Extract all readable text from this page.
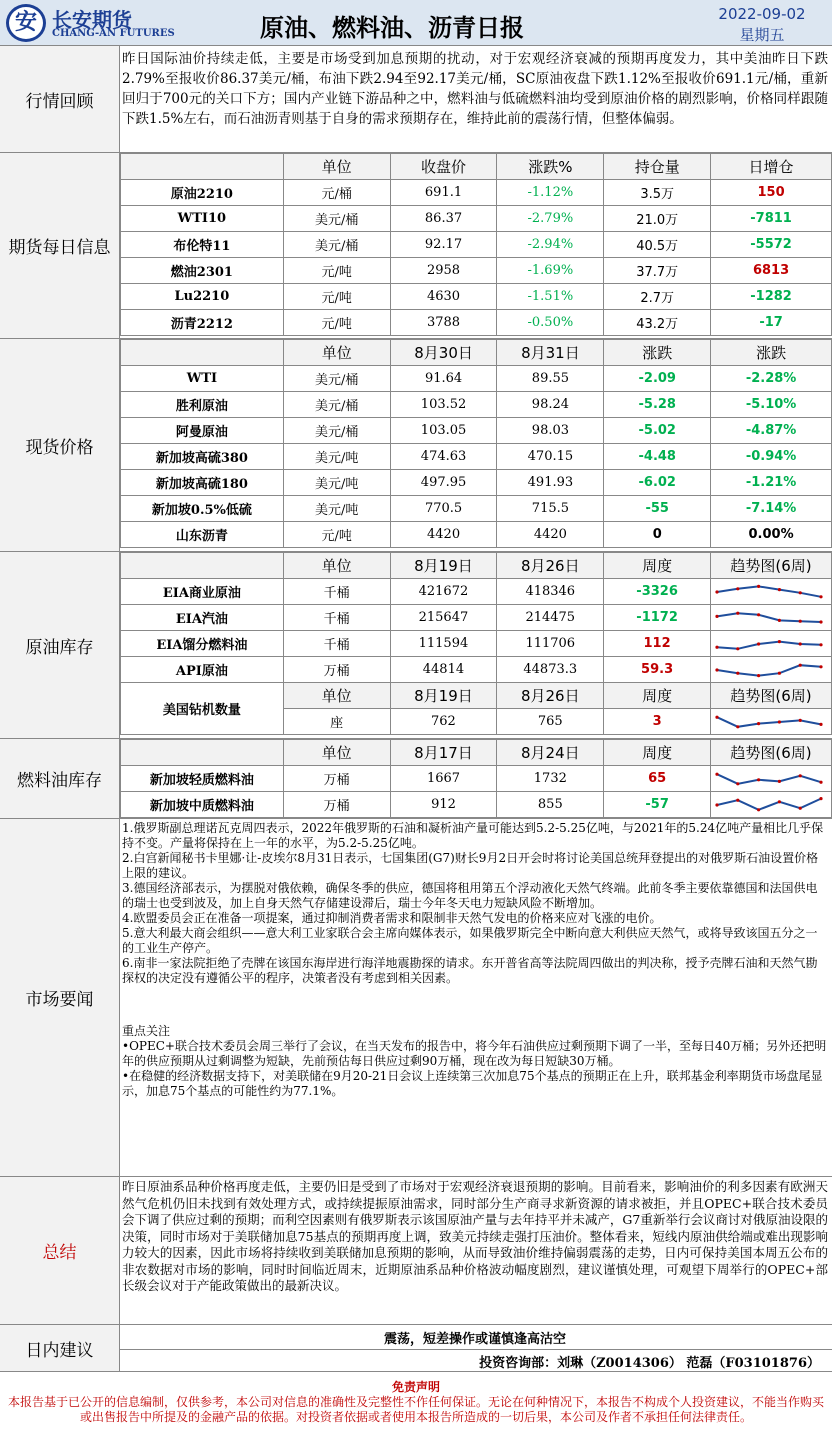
安 长安期货
CHANG-AN FUTURES	原油、燃料油、沥青日报	2022-09-02
星期五
行情回顾
昨日国际油价持续走低，主要是市场受到加息预期的扰动，对于宏观经济衰减的预期再度发力，其中美油昨日下跌2.79%至报收价86.37美元/桶，布油下跌2.94至92.17美元/桶，SC原油夜盘下跌1.12%至报收价691.1元/桶，重新回归于700元的关口下方；国内产业链下游品种之中，燃料油与低硫燃料油均受到原油价格的剧烈影响，价格同样跟随下跌1.5%左右，而石油沥青则基于自身的需求预期存在，维持此前的震荡行情，但整体偏弱。
期货每日信息
	单位	收盘价	涨跌%	持仓量	日增仓
原油2210	元/桶	691.1	-1.12%	3.5万	150
WTI10	美元/桶	86.37	-2.79%	21.0万	-7811
布伦特11	美元/桶	92.17	-2.94%	40.5万	-5572
燃油2301	元/吨	2958	-1.69%	37.7万	6813
Lu2210	元/吨	4630	-1.51%	2.7万	-1282
沥青2212	元/吨	3788	-0.50%	43.2万	-17
现货价格
	单位	8月30日	8月31日	涨跌	涨跌
WTI	美元/桶	91.64	89.55	-2.09	-2.28%
胜利原油	美元/桶	103.52	98.24	-5.28	-5.10%
阿曼原油	美元/桶	103.05	98.03	-5.02	-4.87%
新加坡高硫380	美元/吨	474.63	470.15	-4.48	-0.94%
新加坡高硫180	美元/吨	497.95	491.93	-6.02	-1.21%
新加坡0.5%低硫	美元/吨	770.5	715.5	-55	-7.14%
山东沥青	元/吨	4420	4420	0	0.00%
原油库存
	单位	8月19日	8月26日	周度	趋势图(6周)
EIA商业原油	千桶	421672	418346	-3326	

EIA汽油	千桶	215647	214475	-1172	

EIA馏分燃料油	千桶	111594	111706	112	

API原油	万桶	44814	44873.3	59.3	

美国钻机数量	单位	8月19日	8月26日	周度	趋势图(6周)
	座	762	765	3	
燃料油库存
	单位	8月17日	8月24日	周度	趋势图(6周)
新加坡轻质燃料油	万桶	1667	1732	65	

新加坡中质燃料油	万桶	912	855	-57	
市场要闻

1.俄罗斯副总理诺瓦克周四表示，2022年俄罗斯的石油和凝析油产量可能达到5.2-5.25亿吨，与2021年的5.24亿吨产量相比几乎保持不变。产量将保持在上一年的水平，为5.2-5.25亿吨。

2.白宫新闻秘书卡里娜·让-皮埃尔8月31日表示，七国集团(G7)财长9月2日开会时将讨论美国总统拜登提出的对俄罗斯石油设置价格上限的建议。

3.德国经济部表示，为摆脱对俄依赖，确保冬季的供应，德国将租用第五个浮动液化天然气终端。此前冬季主要依靠德国和法国供电的瑞士也受到波及，加上自身天然气存储建设滞后，瑞士今年冬天电力短缺风险不断增加。

4.欧盟委员会正在准备一项提案，通过抑制消费者需求和限制非天然气发电的价格来应对飞涨的电价。

5.意大利最大商会组织——意大利工业家联合会主席向媒体表示，如果俄罗斯完全中断向意大利供应天然气，或将导致该国五分之一的工业生产停产。

6.南非一家法院拒绝了壳牌在该国东海岸进行海洋地震勘探的请求。东开普省高等法院周四做出的判决称，授予壳牌石油和天然气勘探权的决定没有遵循公平的程序，决策者没有考虑到相关因素。

重点关注

•OPEC+联合技术委员会周三举行了会议，在当天发布的报告中，将今年石油供应过剩预期下调了一半，至每日40万桶；另外还把明年的供应预期从过剩调整为短缺，先前预估每日供应过剩90万桶，现在改为每日短缺30万桶。

•在稳健的经济数据支持下，对美联储在9月20-21日会议上连续第三次加息75个基点的预期正在上升，联邦基金利率期货市场盘尾显示，加息75个基点的可能性约为77.1%。

总结
昨日原油系品种价格再度走低，主要仍旧是受到了市场对于宏观经济衰退预期的影响。目前看来，影响油价的利多因素有欧洲天然气危机仍旧未找到有效处理方式，或持续提振原油需求，同时部分生产商寻求新资源的请求被拒，并且OPEC+联合技术委员会下调了供应过剩的预期；而利空因素则有俄罗斯表示该国原油产量与去年持平并未减产，G7重新举行会议商讨对俄原油设限的决策，同时市场对于美联储加息75基点的预期再度上调，致美元持续走强打压油价。整体看来，短线内原油供给端或难出现影响力较大的因素，因此市场将持续收到美联储加息预期的影响，从而导致油价维持偏弱震荡的走势，日内可保持美国本周五公布的非农数据对市场的影响，同时时间临近周末，近期原油系品种价格波动幅度剧烈，建议谨慎处理，可观望下周举行的OPEC+部长级会议对于产能政策做出的最新决议。
日内建议
震荡，短差操作或谨慎逢高沽空
投资咨询部：刘琳（Z0014306） 范磊（F03101876）
免责声明
本报告基于已公开的信息编制，仅供参考，本公司对信息的准确性及完整性不作任何保证。无论在何种情况下，本报告不构成个人投资建议，不能当作购买或出售报告中所提及的金融产品的依据。对投资者依据或者使用本报告所造成的一切后果，本公司及作者不承担任何法律责任。
